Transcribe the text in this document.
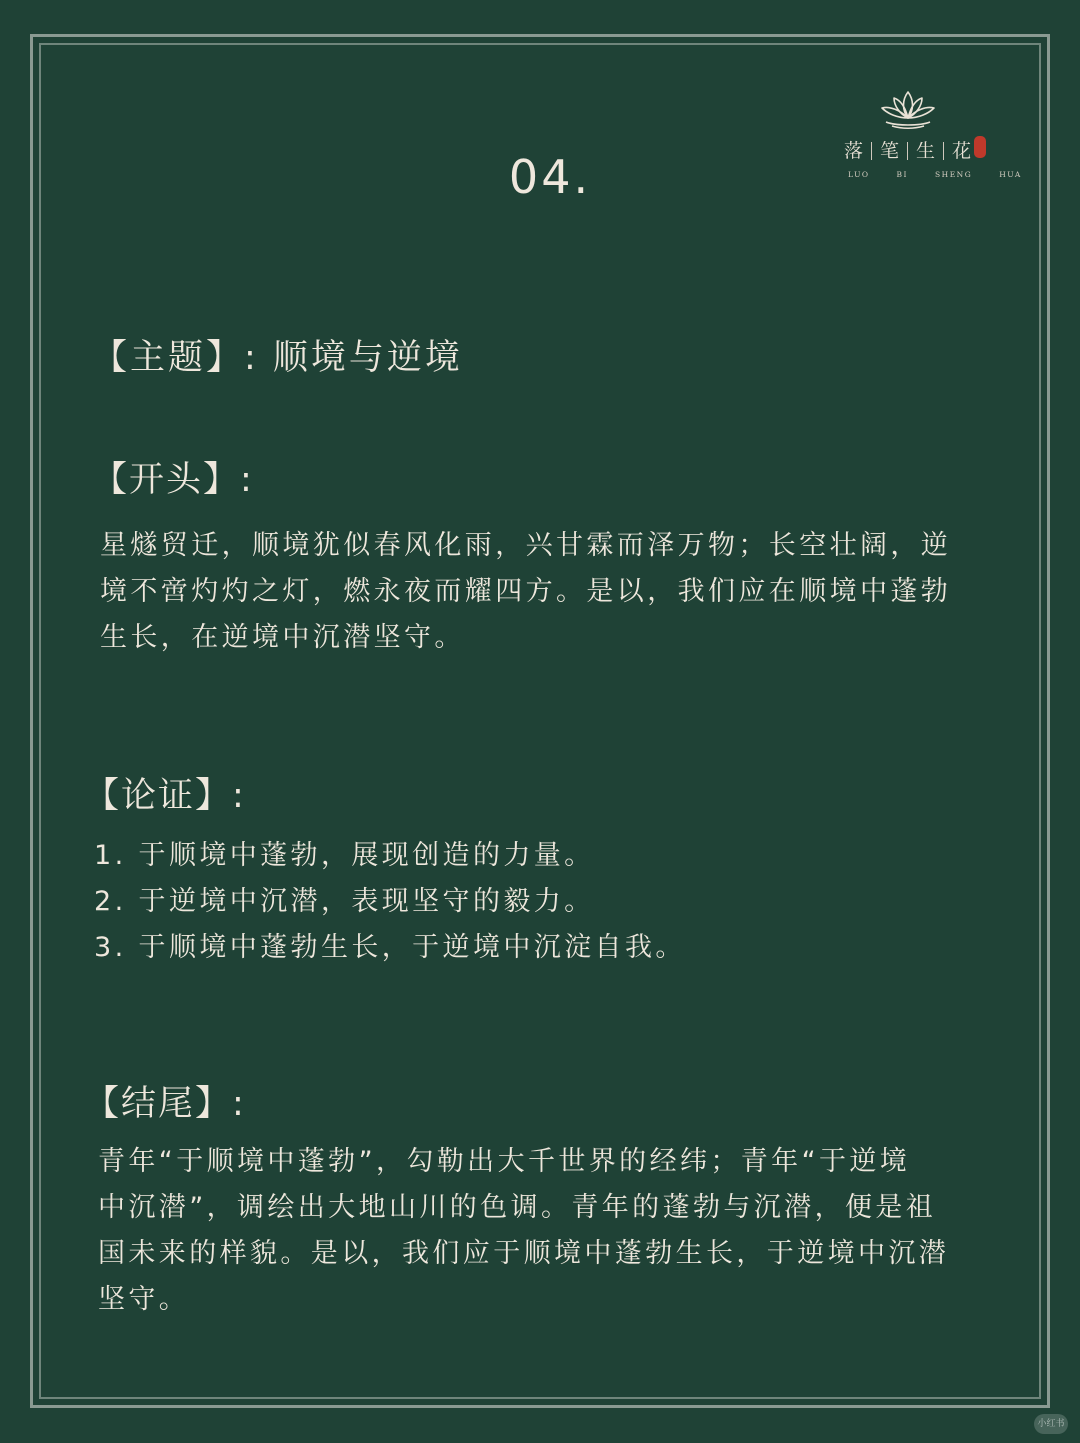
落 笔 生 花
LUO	BI	SHENG	HUA
04.
【主题】: 顺境与逆境
【开头】:
星燧贸迁，顺境犹似春风化雨，兴甘霖而泽万物；长空壮阔，逆
境不啻灼灼之灯，燃永夜而耀四方。是以，我们应在顺境中蓬勃
生长，在逆境中沉潜坚守。
【论证】:
1. 于顺境中蓬勃，展现创造的力量。
2. 于逆境中沉潜，表现坚守的毅力。
3. 于顺境中蓬勃生长，于逆境中沉淀自我。
【结尾】:
青年“于顺境中蓬勃”，勾勒出大千世界的经纬；青年“于逆境
中沉潜”，调绘出大地山川的色调。青年的蓬勃与沉潜，便是祖
国未来的样貌。是以，我们应于顺境中蓬勃生长，于逆境中沉潜
坚守。
小红书
